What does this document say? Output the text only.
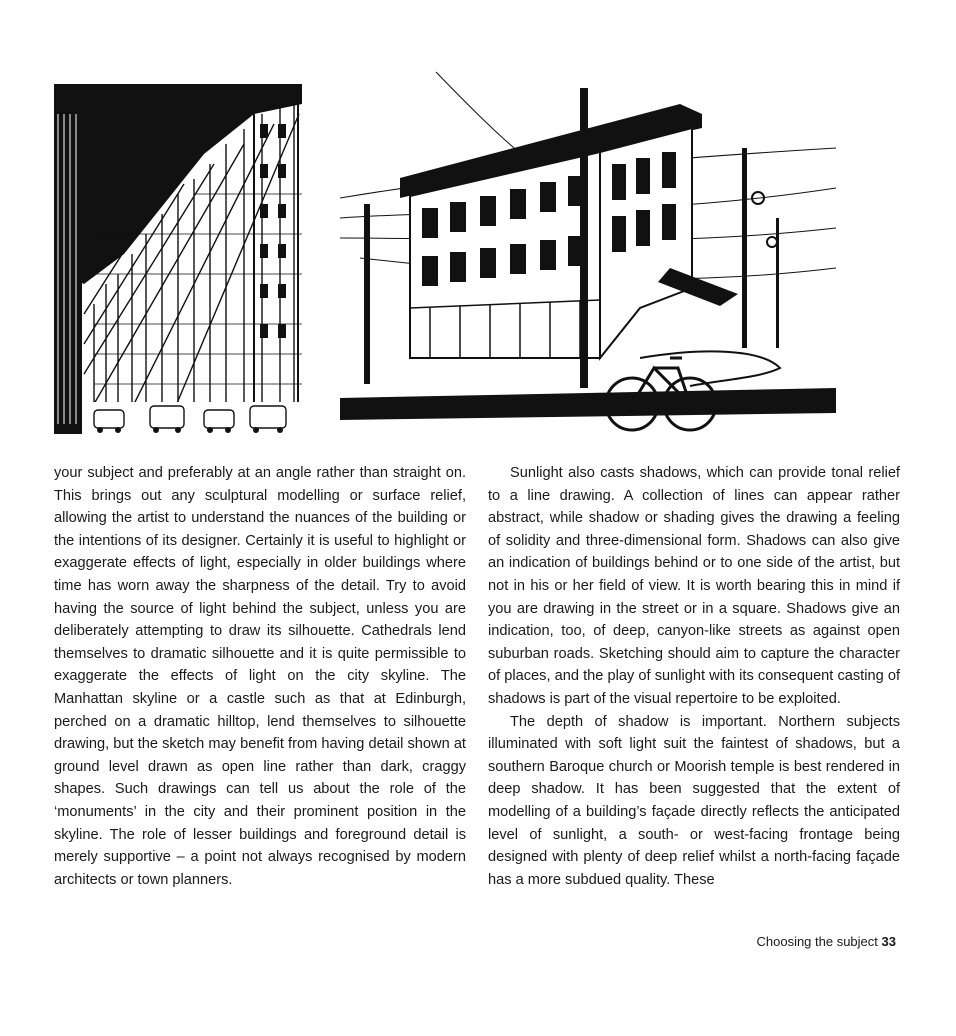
your subject and preferably at an angle rather than straight on. This brings out any sculptural modelling or surface relief, allowing the artist to understand the nuances of the building or the intentions of its designer. Certainly it is useful to highlight or exaggerate effects of light, especially in older buildings where time has worn away the sharpness of the detail. Try to avoid having the source of light behind the subject, unless you are deliberately attempting to draw its silhouette. Cathedrals lend themselves to dramatic silhouette and it is quite permissible to exaggerate the effects of light on the city skyline. The Manhattan skyline or a castle such as that at Edinburgh, perched on a dramatic hilltop, lend themselves to silhouette drawing, but the sketch may benefit from having detail shown at ground level drawn as open line rather than dark, craggy shapes. Such drawings can tell us about the role of the ‘monuments’ in the city and their prominent position in the skyline. The role of lesser buildings and foreground detail is merely supportive – a point not always recognised by modern architects or town planners.

Sunlight also casts shadows, which can provide tonal relief to a line drawing. A collection of lines can appear rather abstract, while shadow or shading gives the drawing a feeling of solidity and three-dimensional form. Shadows can also give an indication of buildings behind or to one side of the artist, but not in his or her field of view. It is worth bearing this in mind if you are drawing in the street or in a square. Shadows give an indication, too, of deep, canyon-like streets as against open suburban roads. Sketching should aim to capture the character of places, and the play of sunlight with its consequent casting of shadows is part of the visual repertoire to be exploited.

The depth of shadow is important. Northern subjects illuminated with soft light suit the faintest of shadows, but a southern Baroque church or Moorish temple is best rendered in deep shadow. It has been suggested that the extent of modelling of a building’s façade directly reflects the anticipated level of sunlight, a south- or west-facing frontage being designed with plenty of deep relief whilst a north-facing façade has a more subdued quality. These

Choosing the subject 33
